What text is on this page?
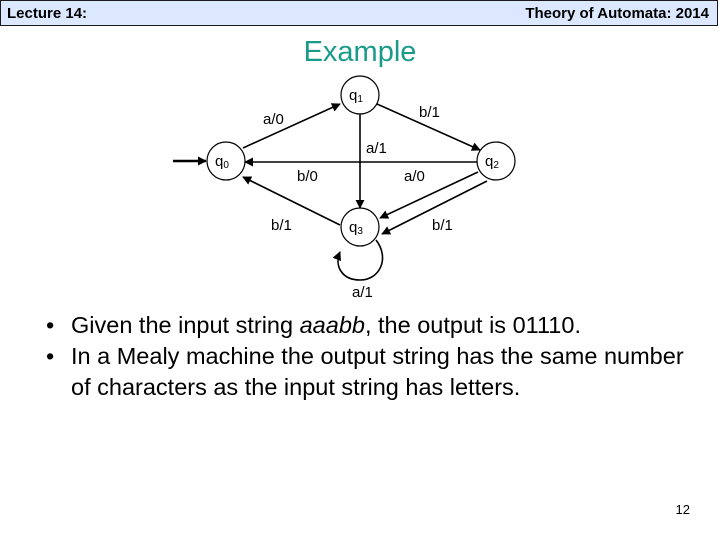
Lecture 14:	Theory of Automata: 2014
Example
q1
q0	q2
q3
a/0	b/1
a/1
b/0	a/0
b/1	b/1
a/1
• Given the input string aaabb, the output is 01110.
• In a Mealy machine the output string has the same number of characters as the input string has letters.
12
